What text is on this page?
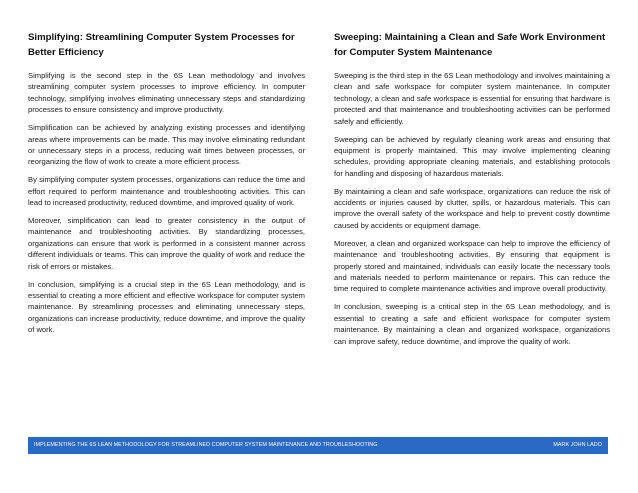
Simplifying: Streamlining Computer System Processes for Better Efficiency

Simplifying is the second step in the 6S Lean methodology and involves streamlining computer system processes to improve efficiency. In computer technology, simplifying involves eliminating unnecessary steps and standardizing processes to ensure consistency and improve productivity.

Simplification can be achieved by analyzing existing processes and identifying areas where improvements can be made. This may involve eliminating redundant or unnecessary steps in a process, reducing wait times between processes, or reorganizing the flow of work to create a more efficient process.

By simplifying computer system processes, organizations can reduce the time and effort required to perform maintenance and troubleshooting activities. This can lead to increased productivity, reduced downtime, and improved quality of work.

Moreover, simplification can lead to greater consistency in the output of maintenance and troubleshooting activities. By standardizing processes, organizations can ensure that work is performed in a consistent manner across different individuals or teams. This can improve the quality of work and reduce the risk of errors or mistakes.

In conclusion, simplifying is a crucial step in the 6S Lean methodology, and is essential to creating a more efficient and effective workspace for computer system maintenance. By streamlining processes and eliminating unnecessary steps, organizations can increase productivity, reduce downtime, and improve the quality of work.

Sweeping: Maintaining a Clean and Safe Work Environment for Computer System Maintenance

Sweeping is the third step in the 6S Lean methodology and involves maintaining a clean and safe workspace for computer system maintenance. In computer technology, a clean and safe workspace is essential for ensuring that hardware is protected and that maintenance and troubleshooting activities can be performed safely and efficiently.

Sweeping can be achieved by regularly cleaning work areas and ensuring that equipment is properly maintained. This may involve implementing cleaning schedules, providing appropriate cleaning materials, and establishing protocols for handling and disposing of hazardous materials.

By maintaining a clean and safe workspace, organizations can reduce the risk of accidents or injuries caused by clutter, spills, or hazardous materials. This can improve the overall safety of the workspace and help to prevent costly downtime caused by accidents or equipment damage.

Moreover, a clean and organized workspace can help to improve the efficiency of maintenance and troubleshooting activities. By ensuring that equipment is properly stored and maintained, individuals can easily locate the necessary tools and materials needed to perform maintenance or repairs. This can reduce the time required to complete maintenance activities and improve overall productivity.

In conclusion, sweeping is a critical step in the 6S Lean methodology, and is essential to creating a safe and efficient workspace for computer system maintenance. By maintaining a clean and organized workspace, organizations can improve safety, reduce downtime, and improve the quality of work.

IMPLEMENTING THE 6S LEAN METHODOLOGY FOR STREAMLINED COMPUTER SYSTEM MAINTENANCE AND TROUBLESHOOTING	MARK JOHN LADO
